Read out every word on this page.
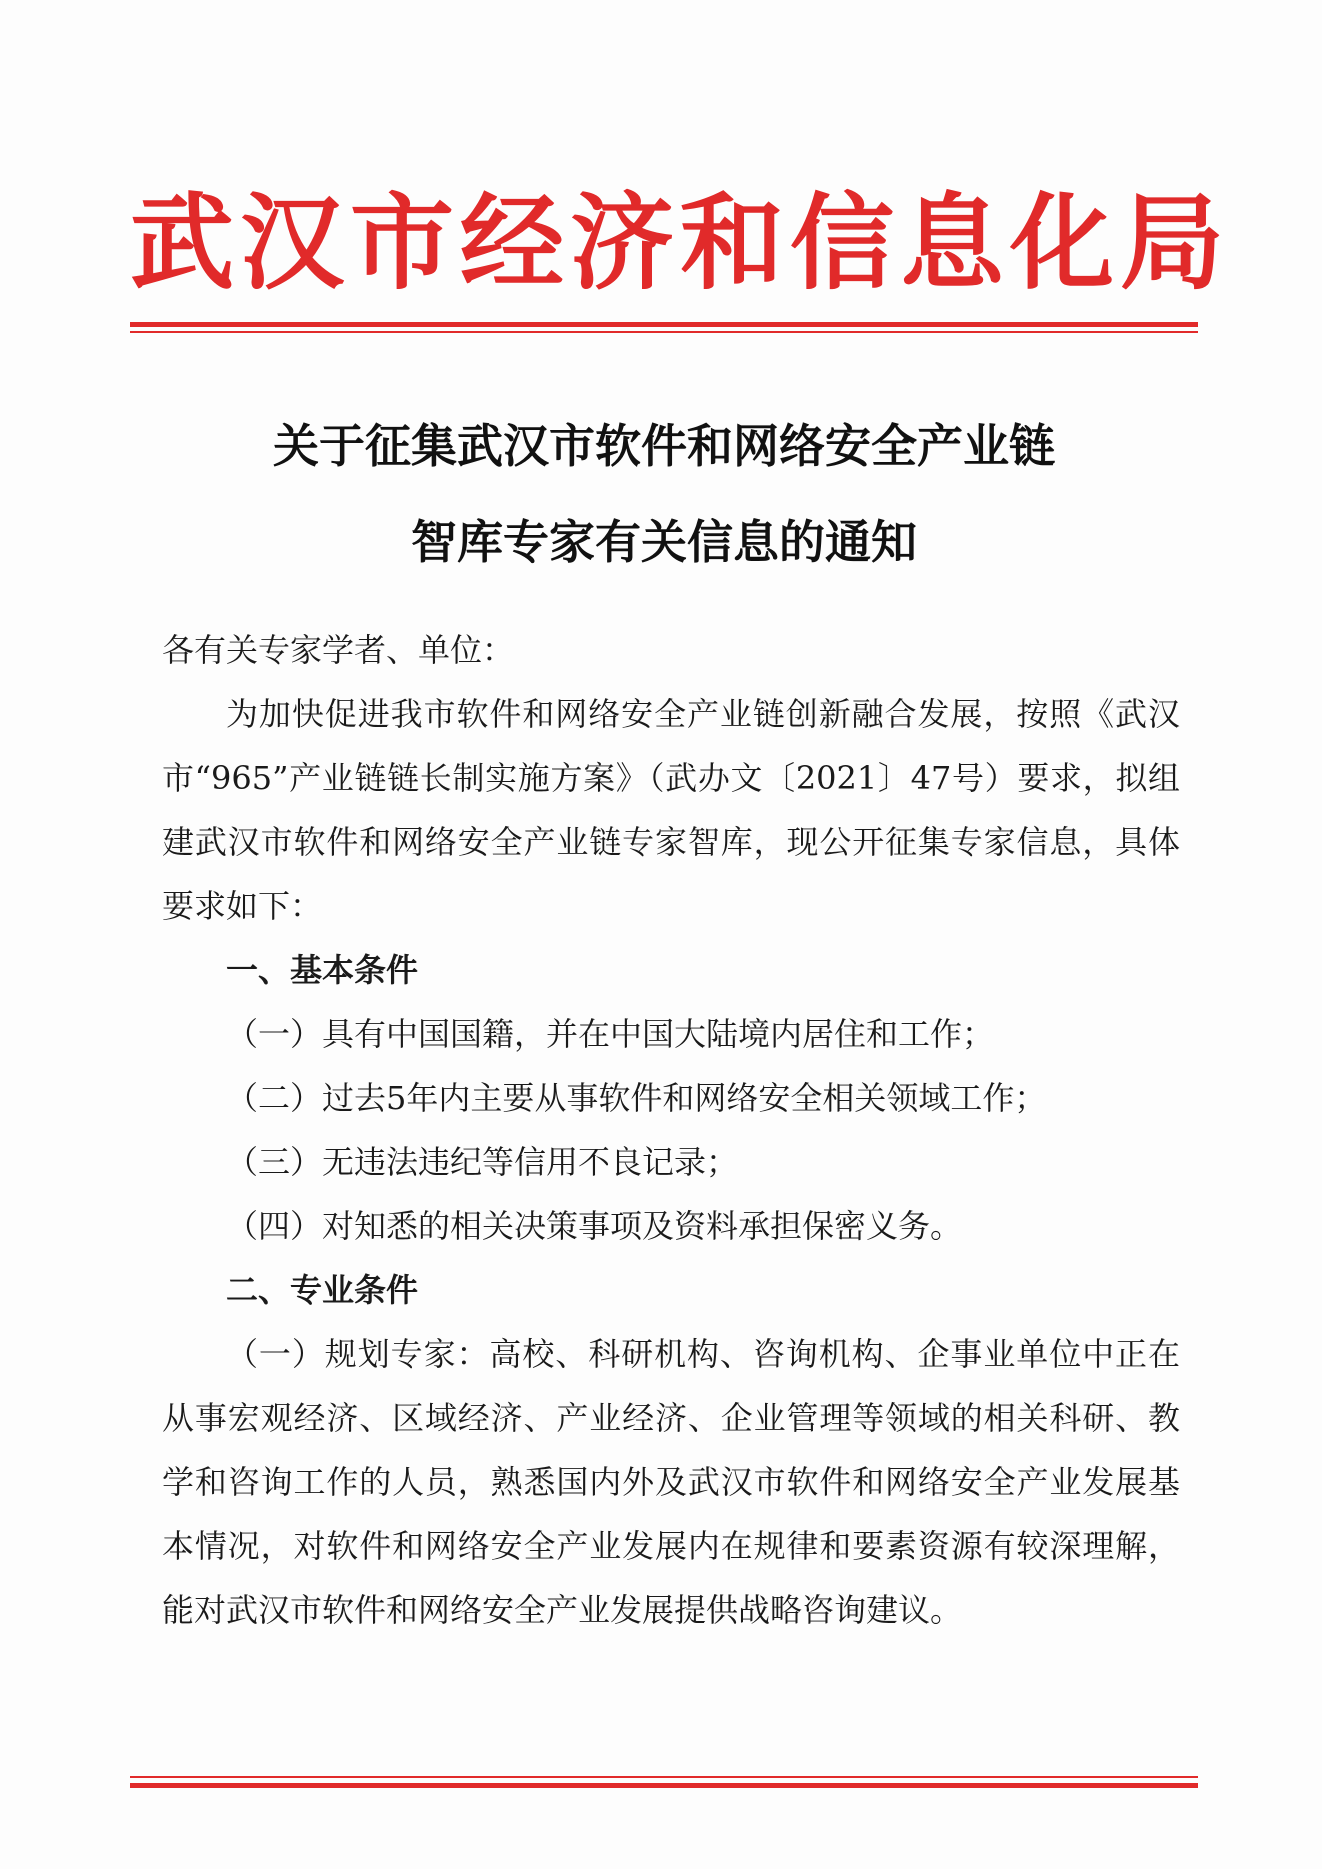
武汉市经济和信息化局
关于征集武汉市软件和网络安全产业链
智库专家有关信息的通知

各有关专家学者、单位：

为加快促进我市软件和网络安全产业链创新融合发展，按照《武汉市“965”产业链链长制实施方案》（武办文〔2021〕47号）要求，拟组建武汉市软件和网络安全产业链专家智库，现公开征集专家信息，具体要求如下：

一、基本条件

（一）具有中国国籍，并在中国大陆境内居住和工作；

（二）过去5年内主要从事软件和网络安全相关领域工作；

（三）无违法违纪等信用不良记录；

（四）对知悉的相关决策事项及资料承担保密义务。

二、专业条件

（一）规划专家：高校、科研机构、咨询机构、企事业单位中正在从事宏观经济、区域经济、产业经济、企业管理等领域的相关科研、教学和咨询工作的人员，熟悉国内外及武汉市软件和网络安全产业发展基本情况，对软件和网络安全产业发展内在规律和要素资源有较深理解，能对武汉市软件和网络安全产业发展提供战略咨询建议。
